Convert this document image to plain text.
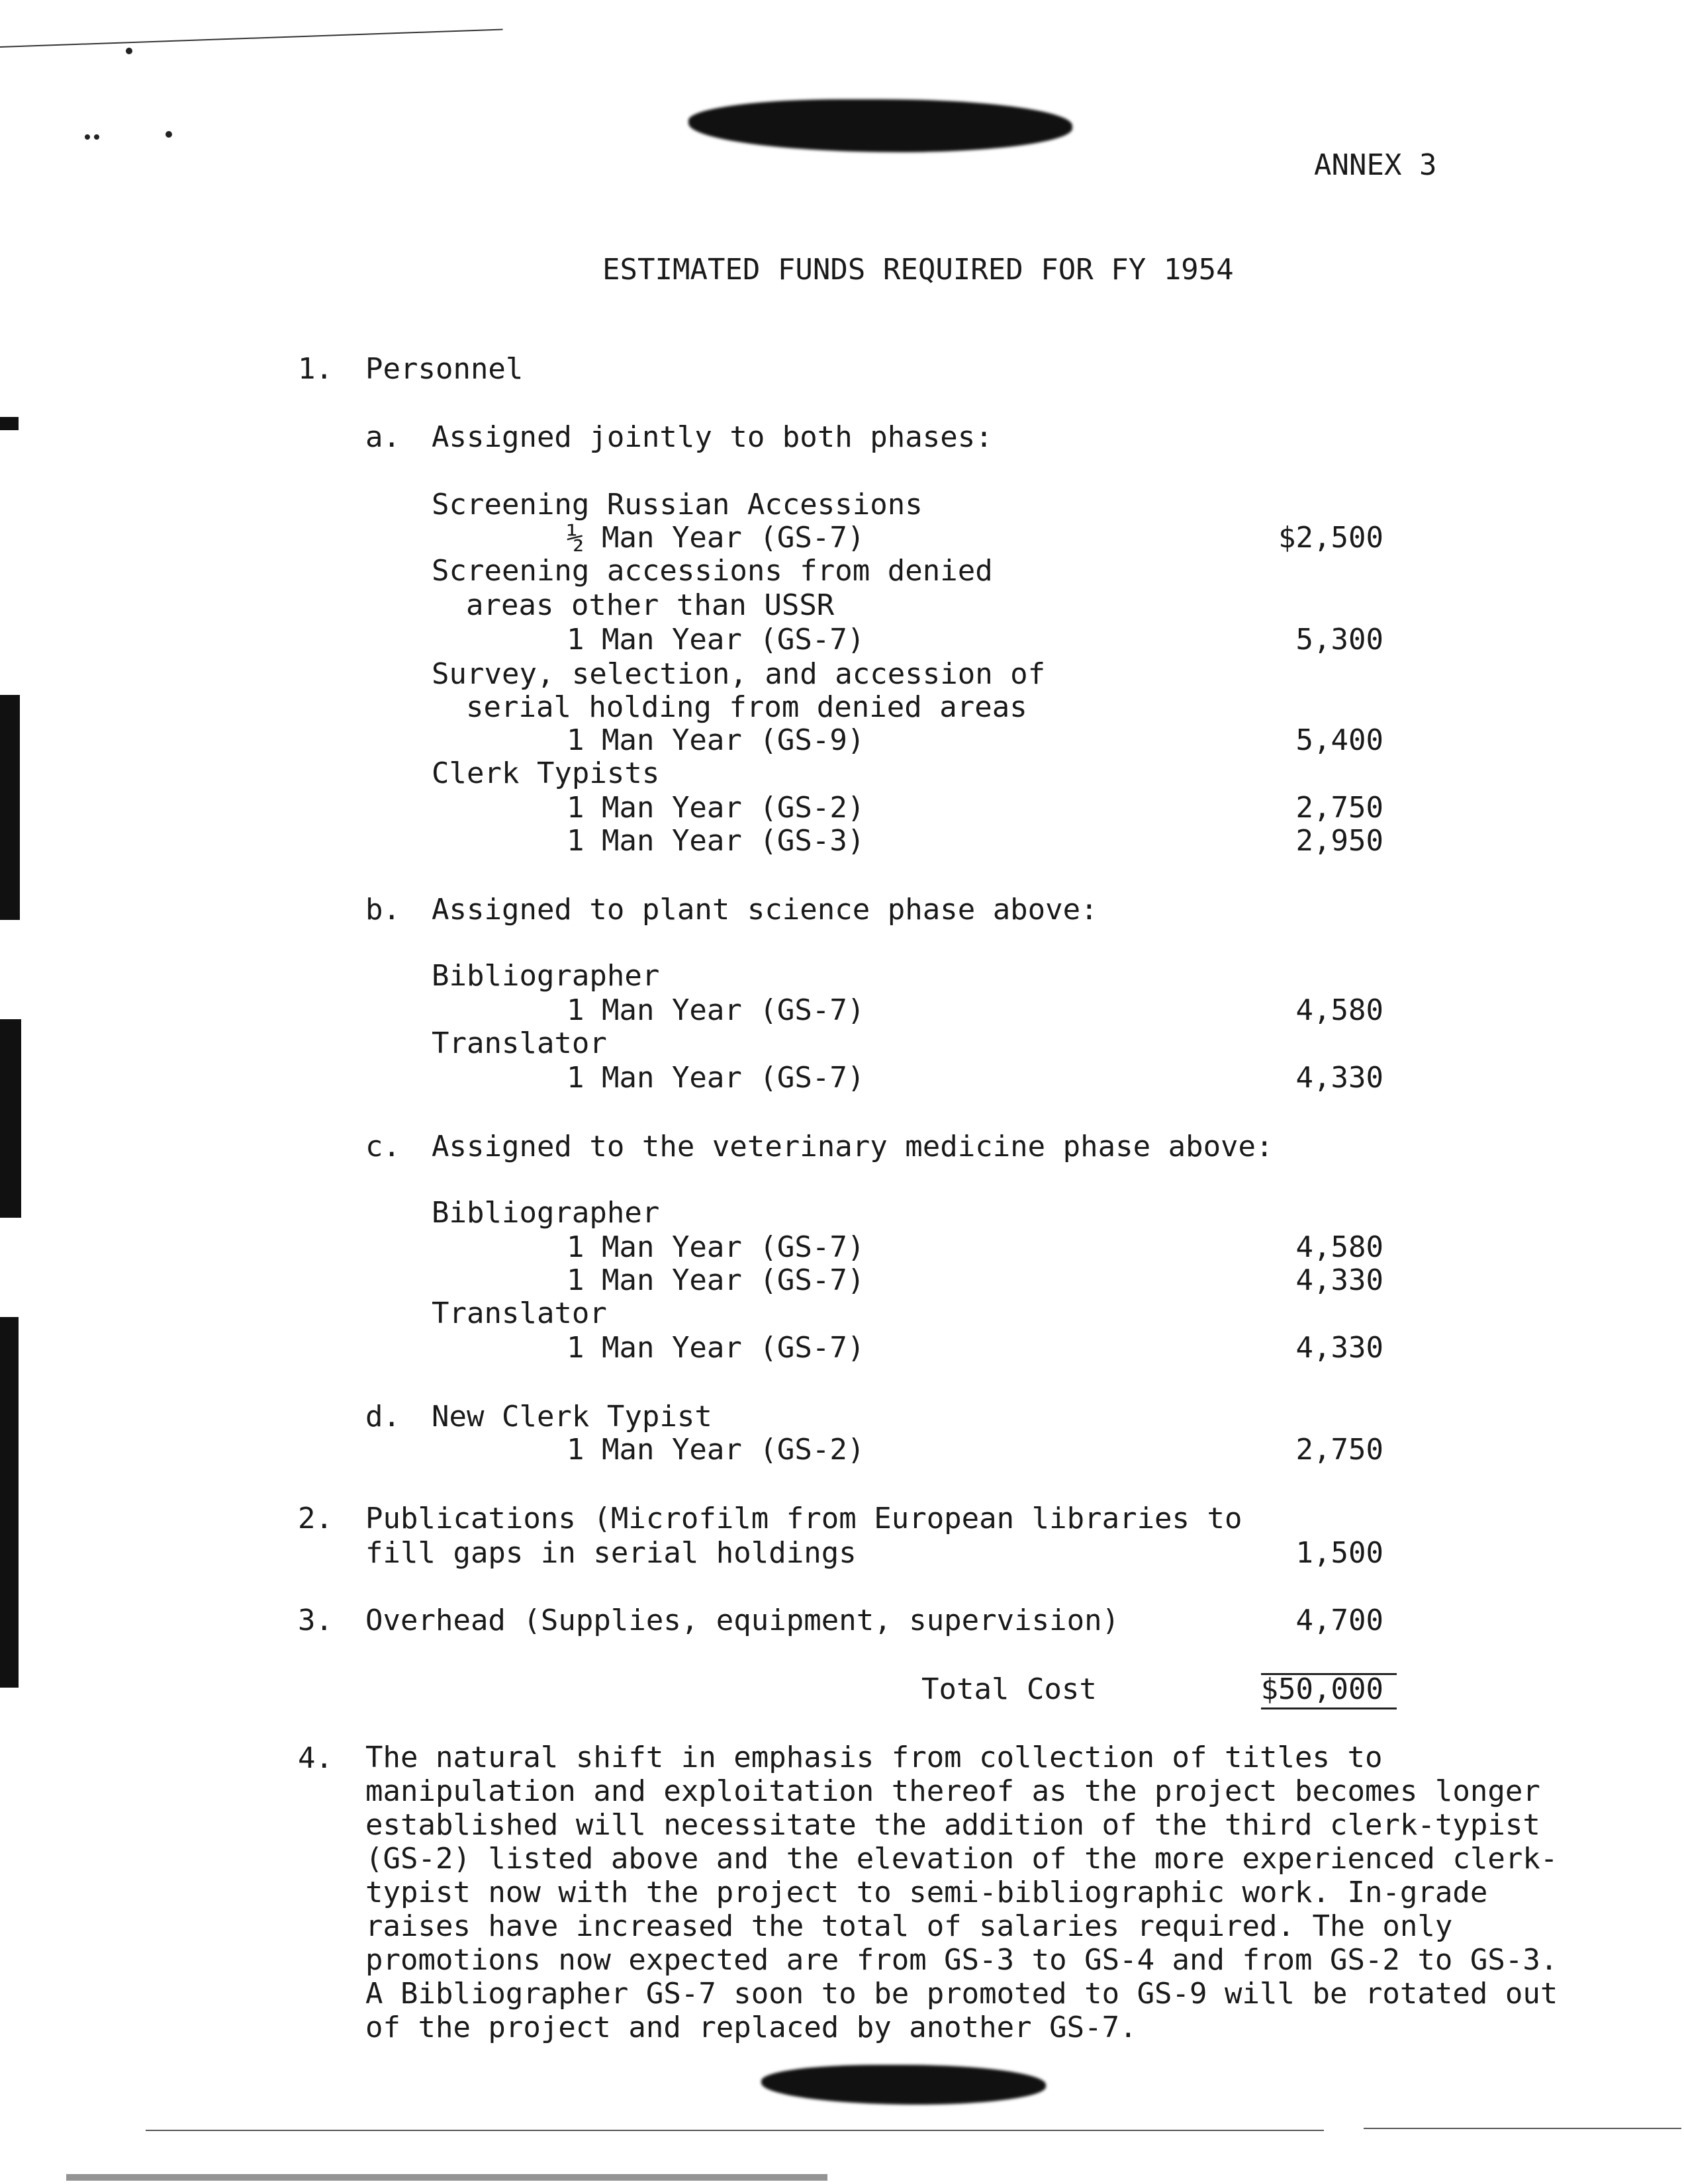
ANNEX 3
ESTIMATED FUNDS REQUIRED FOR FY 1954
1. Personnel
a. Assigned jointly to both phases:
Screening Russian Accessions
½ Man Year (GS-7)	$2,500
Screening accessions from denied
areas other than USSR
1 Man Year (GS-7)	5,300
Survey, selection, and accession of
serial holding from denied areas
1 Man Year (GS-9)	5,400
Clerk Typists
1 Man Year (GS-2)	2,750
1 Man Year (GS-3)	2,950
b. Assigned to plant science phase above:
Bibliographer
1 Man Year (GS-7)	4,580
Translator
1 Man Year (GS-7)	4,330
c. Assigned to the veterinary medicine phase above:
Bibliographer
1 Man Year (GS-7)	4,580
1 Man Year (GS-7)	4,330
Translator
1 Man Year (GS-7)	4,330
d. New Clerk Typist
1 Man Year (GS-2)	2,750
2. Publications (Microfilm from European libraries to
fill gaps in serial holdings	1,500
3. Overhead (Supplies, equipment, supervision)	4,700
Total Cost	$50,000
4. The natural shift in emphasis from collection of titles to manipulation and exploitation thereof as the project becomes longer established will necessitate the addition of the third clerk-typist (GS-2) listed above and the elevation of the more experienced clerk-typist now with the project to semi-bibliographic work. In-grade raises have increased the total of salaries required. The only promotions now expected are from GS-3 to GS-4 and from GS-2 to GS-3. A Bibliographer GS-7 soon to be promoted to GS-9 will be rotated out of the project and replaced by another GS-7.
